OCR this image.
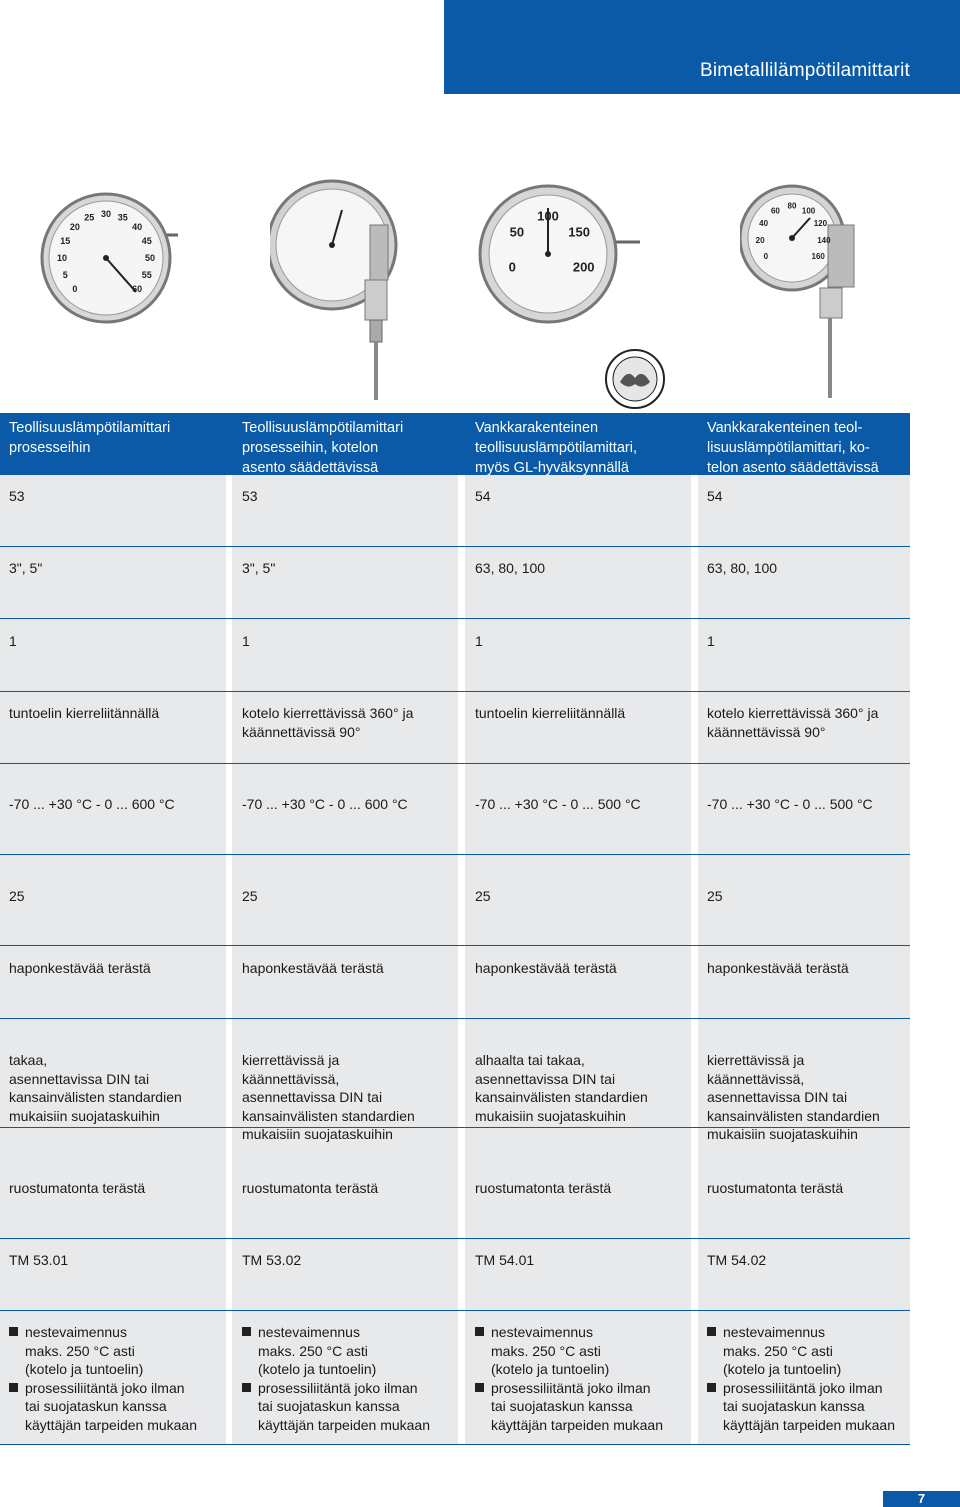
Bimetallilämpötilamittarit
0
5
10
15
20
25 30 35
40
45
50
55
60
0
50
100
150
200
0
20
40
60
80
100
120
140
160
Teollisuuslämpötilamittari
prosesseihin
53
3", 5"
1
tuntoelin kierreliitännällä
-70 ... +30 °C - 0 ... 600 °C
25
haponkestävää terästä
takaa,
asennettavissa DIN tai
kansainvälisten standardien
mukaisiin suojataskuihin
ruostumatonta terästä
TM 53.01
nestevaimennus
maks. 250 °C asti
(kotelo ja tuntoelin)
prosessiliitäntä joko ilman
tai suojataskun kanssa
käyttäjän tarpeiden mukaan
Teollisuuslämpötilamittari
prosesseihin, kotelon
asento säädettävissä
53
3", 5"
1
kotelo kierrettävissä 360° ja
käännettävissä 90°
-70 ... +30 °C - 0 ... 600 °C
25
haponkestävää terästä
kierrettävissä ja
käännettävissä,
asennettavissa DIN tai
kansainvälisten standardien
mukaisiin suojataskuihin
ruostumatonta terästä
TM 53.02
nestevaimennus
maks. 250 °C asti
(kotelo ja tuntoelin)
prosessiliitäntä joko ilman
tai suojataskun kanssa
käyttäjän tarpeiden mukaan
Vankkarakenteinen
teollisuuslämpötilamittari,
myös GL-hyväksynnällä
54
63, 80, 100
1
tuntoelin kierreliitännällä
-70 ... +30 °C - 0 ... 500 °C
25
haponkestävää terästä
alhaalta tai takaa,
asennettavissa DIN tai
kansainvälisten standardien
mukaisiin suojataskuihin
ruostumatonta terästä
TM 54.01
nestevaimennus
maks. 250 °C asti
(kotelo ja tuntoelin)
prosessiliitäntä joko ilman
tai suojataskun kanssa
käyttäjän tarpeiden mukaan
Vankkarakenteinen teol-
lisuuslämpötilamittari, ko-
telon asento säädettävissä
54
63, 80, 100
1
kotelo kierrettävissä 360° ja
käännettävissä 90°
-70 ... +30 °C - 0 ... 500 °C
25
haponkestävää terästä
kierrettävissä ja
käännettävissä,
asennettavissa DIN tai
kansainvälisten standardien
mukaisiin suojataskuihin
ruostumatonta terästä
TM 54.02
nestevaimennus
maks. 250 °C asti
(kotelo ja tuntoelin)
prosessiliitäntä joko ilman
tai suojataskun kanssa
käyttäjän tarpeiden mukaan
7
